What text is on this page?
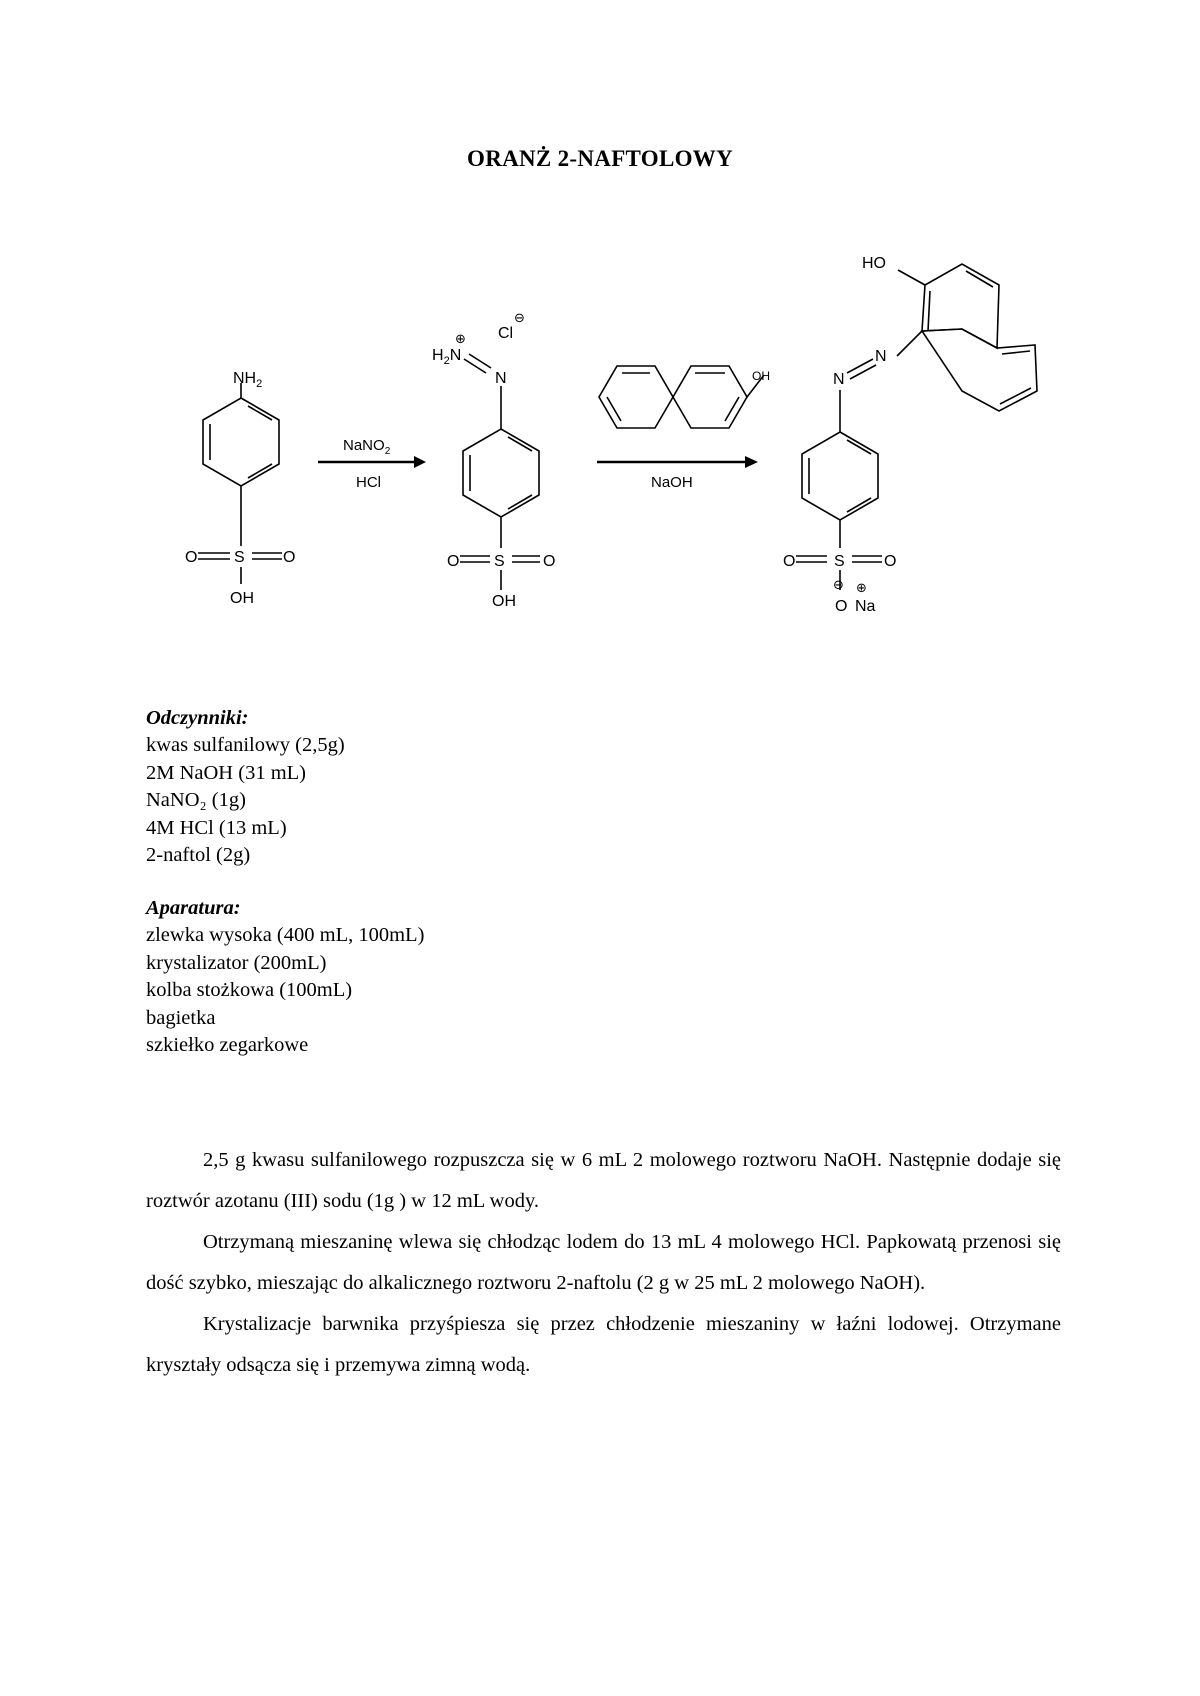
ORANŻ 2-NAFTOLOWY
$NH_2$
S
O	O
OH
NaNO$_2$
HCl
$H_2N$
⊕
N
Cl
⊖
S
O	O
OH
OH
NaOH
HO
N
N
S
O	O
⊖
O
⊕
Na
Odczynniki:
kwas sulfanilowy (2,5g)
2M NaOH (31 mL)
NaNO₂ (1g)
4M HCl (13 mL)
2-naftol (2g)
Aparatura:
zlewka wysoka (400 mL, 100mL)
krystalizator (200mL)
kolba stożkowa (100mL)
bagietka
szkiełko zegarkowe

2,5 g kwasu sulfanilowego rozpuszcza się w 6 mL 2 molowego roztworu NaOH. Następnie dodaje się roztwór azotanu (III) sodu (1g ) w 12 mL wody.

Otrzymaną mieszaninę wlewa się chłodząc lodem do 13 mL 4 molowego HCl. Papkowatą przenosi się dość szybko, mieszając do alkalicznego roztworu 2-naftolu (2 g w 25 mL 2 molowego NaOH).

Krystalizacje barwnika przyśpiesza się przez chłodzenie mieszaniny w łaźni lodowej. Otrzymane kryształy odsącza się i przemywa zimną wodą.
